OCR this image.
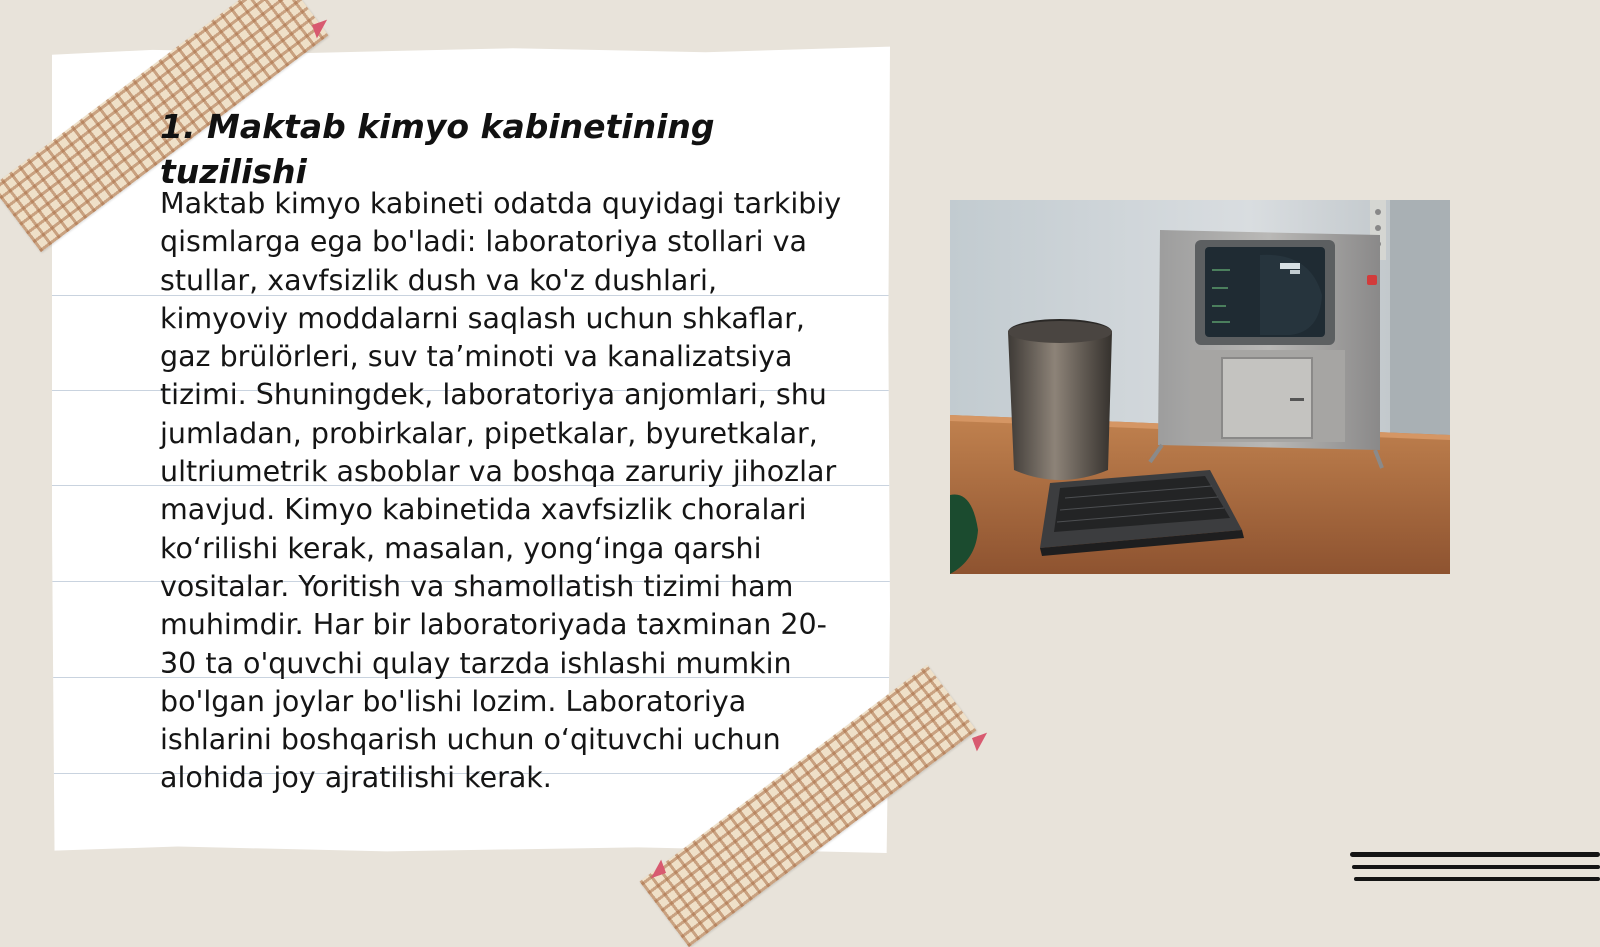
1. Maktab kimyo kabinetining tuzilishi

Maktab kimyo kabineti odatda quyidagi tarkibiy qismlarga ega bo'ladi: laboratoriya stollari va stullar, xavfsizlik dush va ko'z dushlari, kimyoviy moddalarni saqlash uchun shkaflar, gaz brülörleri, suv ta’minoti va kanalizatsiya tizimi. Shuningdek, laboratoriya anjomlari, shu jumladan, probirkalar, pipetkalar, byuretkalar, ultriumetrik asboblar va boshqa zaruriy jihozlar mavjud. Kimyo kabinetida xavfsizlik choralari ko‘rilishi kerak, masalan, yong‘inga qarshi vositalar. Yoritish va shamollatish tizimi ham muhimdir. Har bir laboratoriyada taxminan 20-30 ta o'quvchi qulay tarzda ishlashi mumkin bo'lgan joylar bo'lishi lozim. Laboratoriya ishlarini boshqarish uchun o‘qituvchi uchun alohida joy ajratilishi kerak.
